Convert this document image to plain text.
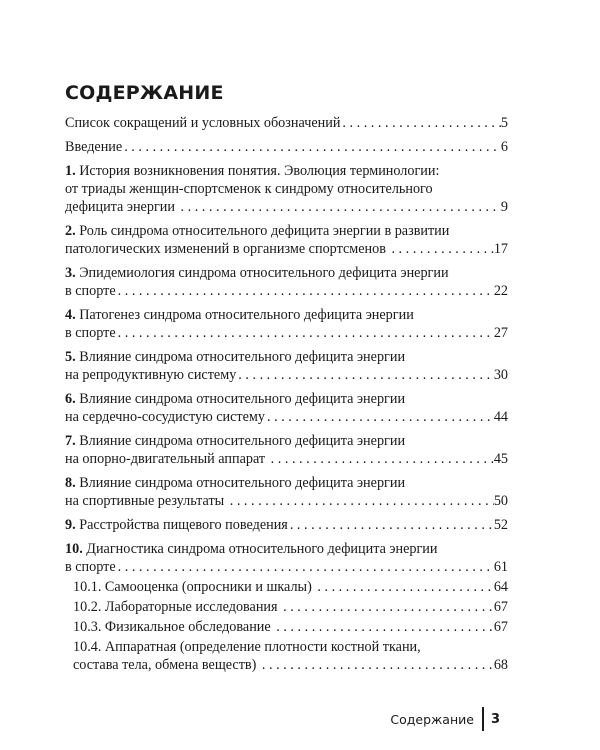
СОДЕРЖАНИЕ
Список сокращений и условных обозначений . . .	5
Введение . . .	6
1. История возникновения понятия. Эволюция терминологии:
от триады женщин-спортсменок к синдрому относительного
дефицита энергии . . .	9
2. Роль синдрома относительного дефицита энергии в развитии
патологических изменений в организме спортсменов . . .	17
3. Эпидемиология синдрома относительного дефицита энергии
в спорте . . .	22
4. Патогенез синдрома относительного дефицита энергии
в спорте . . .	27
5. Влияние синдрома относительного дефицита энергии
на репродуктивную систему . . .	30
6. Влияние синдрома относительного дефицита энергии
на сердечно-сосудистую систему . . .	44
7. Влияние синдрома относительного дефицита энергии
на опорно-двигательный аппарат . . .	45
8. Влияние синдрома относительного дефицита энергии
на спортивные результаты . . .	50
9. Расстройства пищевого поведения . . .	52
10. Диагностика синдрома относительного дефицита энергии
в спорте . . .	61
10.1. Самооценка (опросники и шкалы) . . .	64
10.2. Лабораторные исследования . . .	67
10.3. Физикальное обследование . . .	67
10.4. Аппаратная (определение плотности костной ткани,
состава тела, обмена веществ) . . .	68
Содержание 3
